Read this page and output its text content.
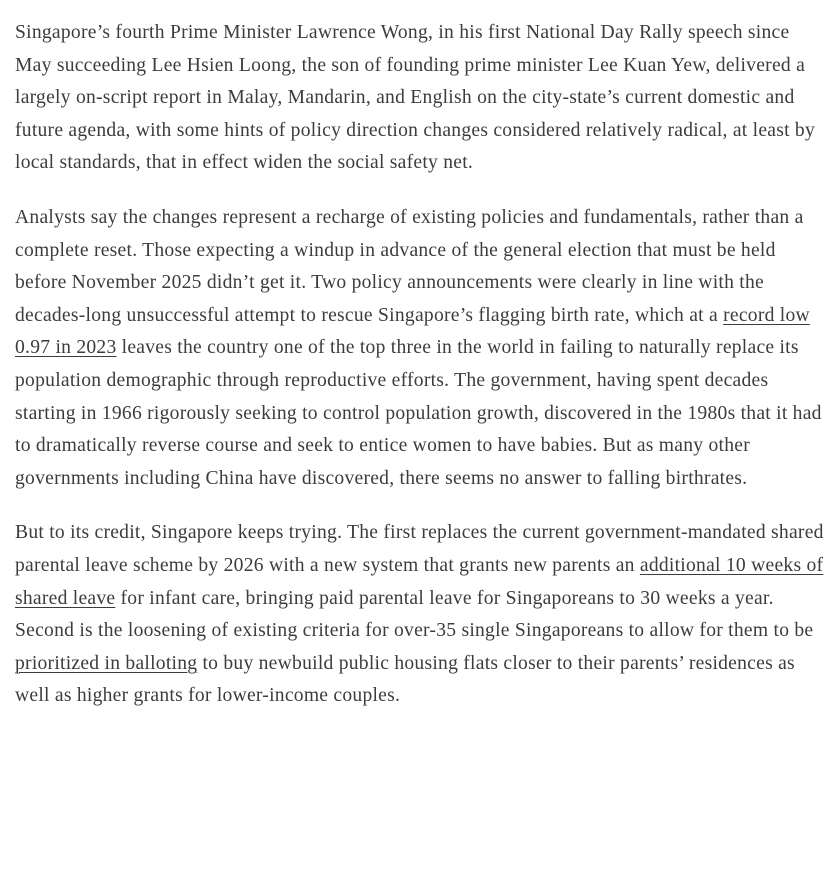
Singapore’s fourth Prime Minister Lawrence Wong, in his first National Day Rally speech since May succeeding Lee Hsien Loong, the son of founding prime minister Lee Kuan Yew, delivered a largely on-script report in Malay, Mandarin, and English on the city-state’s current domestic and future agenda, with some hints of policy direction changes considered relatively radical, at least by local standards, that in effect widen the social safety net.

Analysts say the changes represent a recharge of existing policies and fundamentals, rather than a complete reset. Those expecting a windup in advance of the general election that must be held before November 2025 didn’t get it. Two policy announcements were clearly in line with the decades-long unsuccessful attempt to rescue Singapore’s flagging birth rate, which at a record low 0.97 in 2023 leaves the country one of the top three in the world in failing to naturally replace its population demographic through reproductive efforts. The government, having spent decades starting in 1966 rigorously seeking to control population growth, discovered in the 1980s that it had to dramatically reverse course and seek to entice women to have babies. But as many other governments including China have discovered, there seems no answer to falling birthrates.

But to its credit, Singapore keeps trying. The first replaces the current government-mandated shared parental leave scheme by 2026 with a new system that grants new parents an additional 10 weeks of shared leave for infant care, bringing paid parental leave for Singaporeans to 30 weeks a year. Second is the loosening of existing criteria for over-35 single Singaporeans to allow for them to be prioritized in balloting to buy newbuild public housing flats closer to their parents’ residences as well as higher grants for lower-income couples.
